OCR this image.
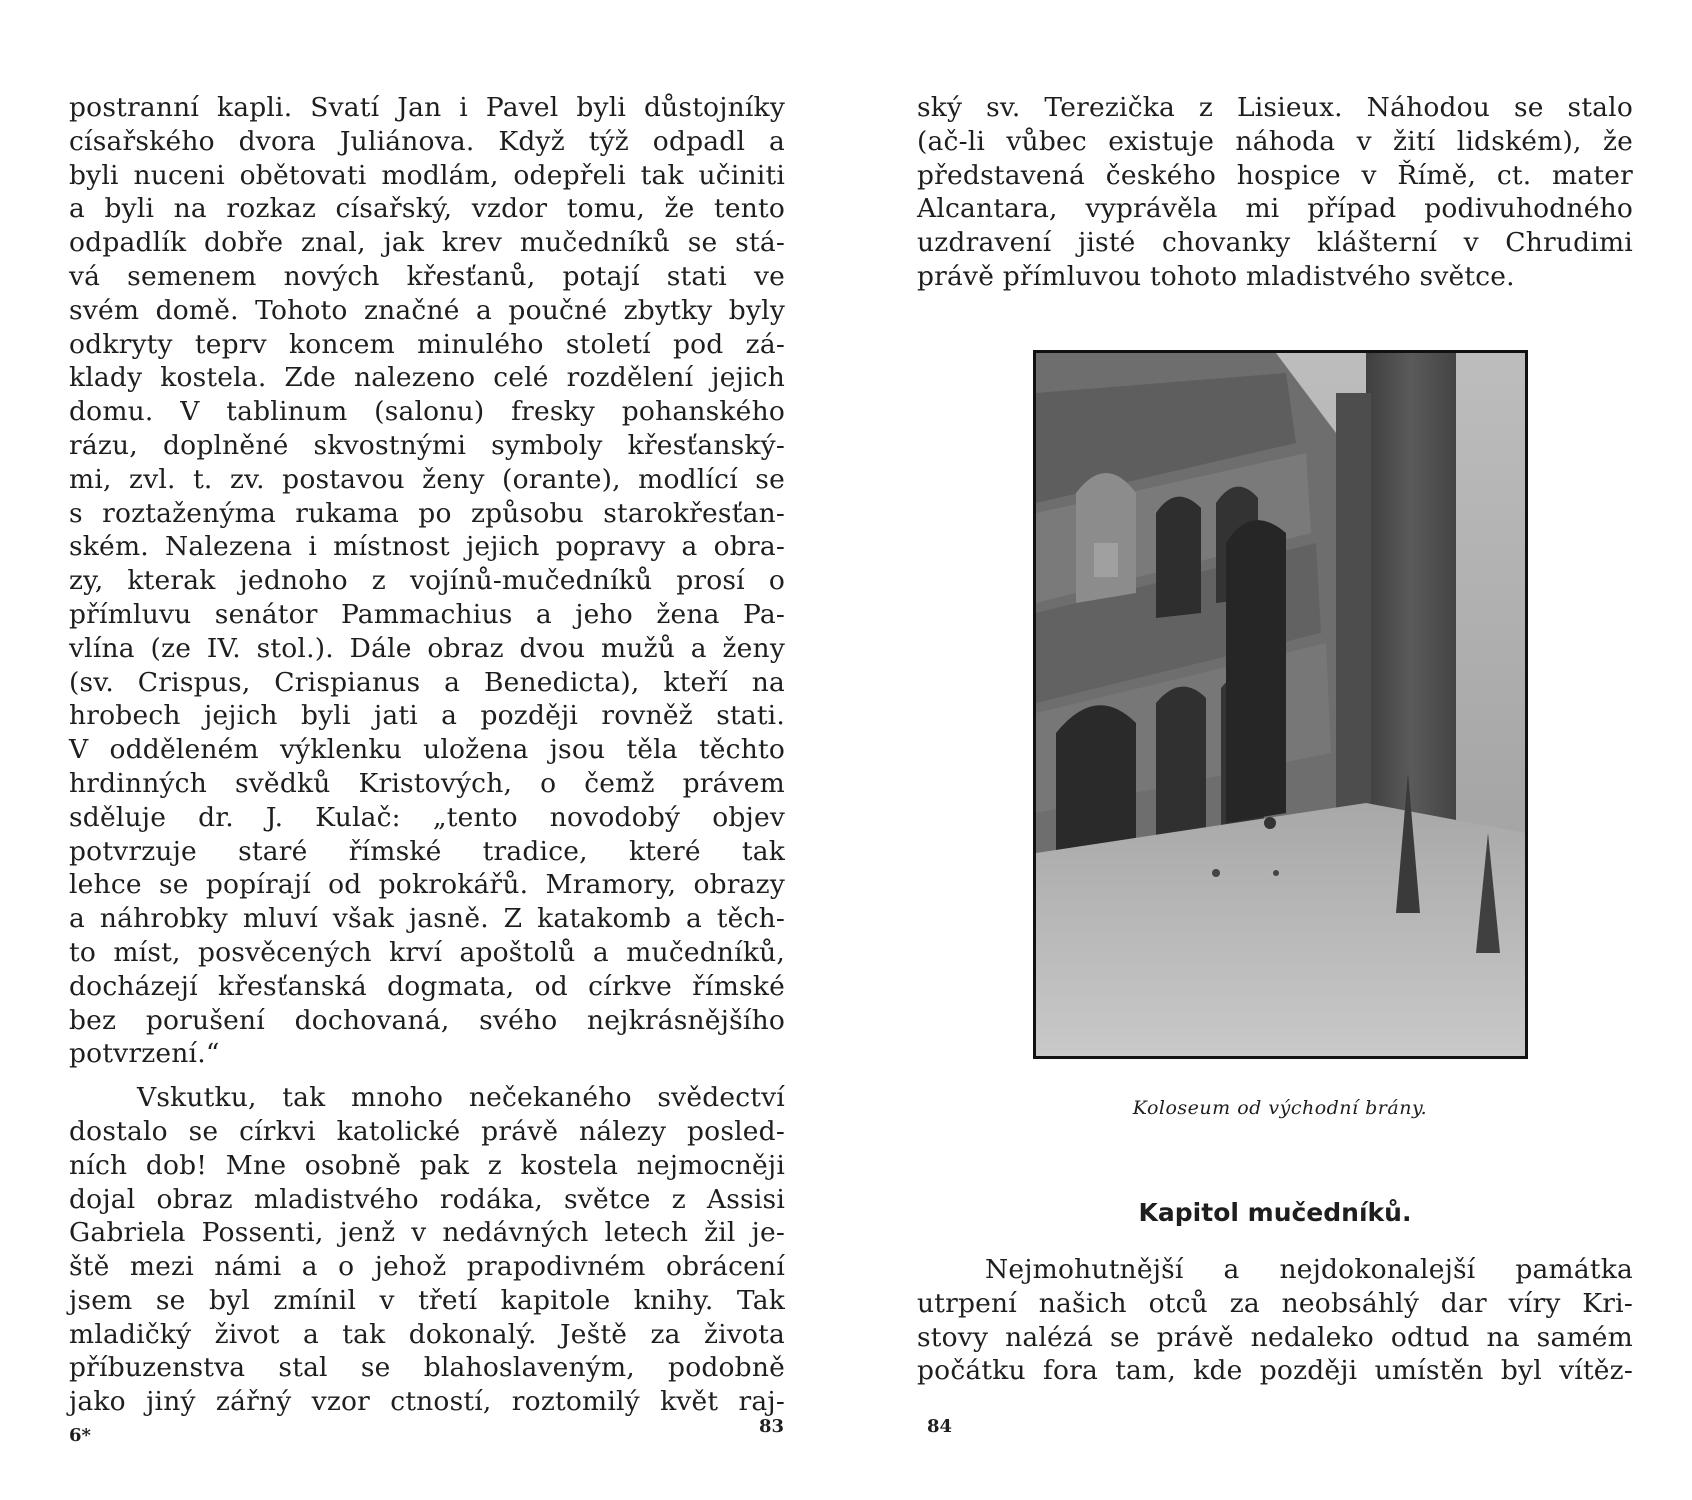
postranní kapli. Svatí Jan i Pavel byli důstojníky
císařského dvora Juliánova. Když týž odpadl a
byli nuceni obětovati modlám, odepřeli tak učiniti
a byli na rozkaz císařský, vzdor tomu, že tento
odpadlík dobře znal, jak krev mučedníků se stá-
vá semenem nových křesťanů, potají stati ve
svém domě. Tohoto značné a poučné zbytky byly
odkryty teprv koncem minulého století pod zá-
klady kostela. Zde nalezeno celé rozdělení jejich
domu. V tablinum (salonu) fresky pohanského
rázu, doplněné skvostnými symboly křesťanský-
mi, zvl. t. zv. postavou ženy (orante), modlící se
s roztaženýma rukama po způsobu starokřesťan-
ském. Nalezena i místnost jejich popravy a obra-
zy, kterak jednoho z vojínů-mučedníků prosí o
přímluvu senátor Pammachius a jeho žena Pa-
vlína (ze IV. stol.). Dále obraz dvou mužů a ženy
(sv. Crispus, Crispianus a Benedicta), kteří na
hrobech jejich byli jati a později rovněž stati.
V odděleném výklenku uložena jsou těla těchto
hrdinných svědků Kristových, o čemž právem
sděluje dr. J. Kulač: „tento novodobý objev
potvrzuje staré římské tradice, které tak
lehce se popírají od pokrokářů. Mramory, obrazy
a náhrobky mluví však jasně. Z katakomb a těch-
to míst, posvěcených krví apoštolů a mučedníků,
docházejí křesťanská dogmata, od církve římské
bez porušení dochovaná, svého nejkrásnějšího
potvrzení.“
Vskutku, tak mnoho nečekaného svědectví
dostalo se církvi katolické právě nálezy posled-
ních dob! Mne osobně pak z kostela nejmocněji
dojal obraz mladistvého rodáka, světce z Assisi
Gabriela Possenti, jenž v nedávných letech žil je-
ště mezi námi a o jehož prapodivném obrácení
jsem se byl zmínil v třetí kapitole knihy. Tak
mladičký život a tak dokonalý. Ještě za života
příbuzenstva stal se blahoslaveným, podobně
jako jiný zářný vzor ctností, roztomilý květ raj-
6*	83
ský sv. Terezička z Lisieux. Náhodou se stalo
(ač-li vůbec existuje náhoda v žití lidském), že
představená českého hospice v Římě, ct. mater
Alcantara, vyprávěla mi případ podivuhodného
uzdravení jisté chovanky klášterní v Chrudimi
právě přímluvou tohoto mladistvého světce.
Koloseum od východní brány.
Kapitol mučedníků.
Nejmohutnější a nejdokonalejší památka
utrpení našich otců za neobsáhlý dar víry Kri-
stovy nalézá se právě nedaleko odtud na samém
počátku fora tam, kde později umístěn byl vítěz-
84
